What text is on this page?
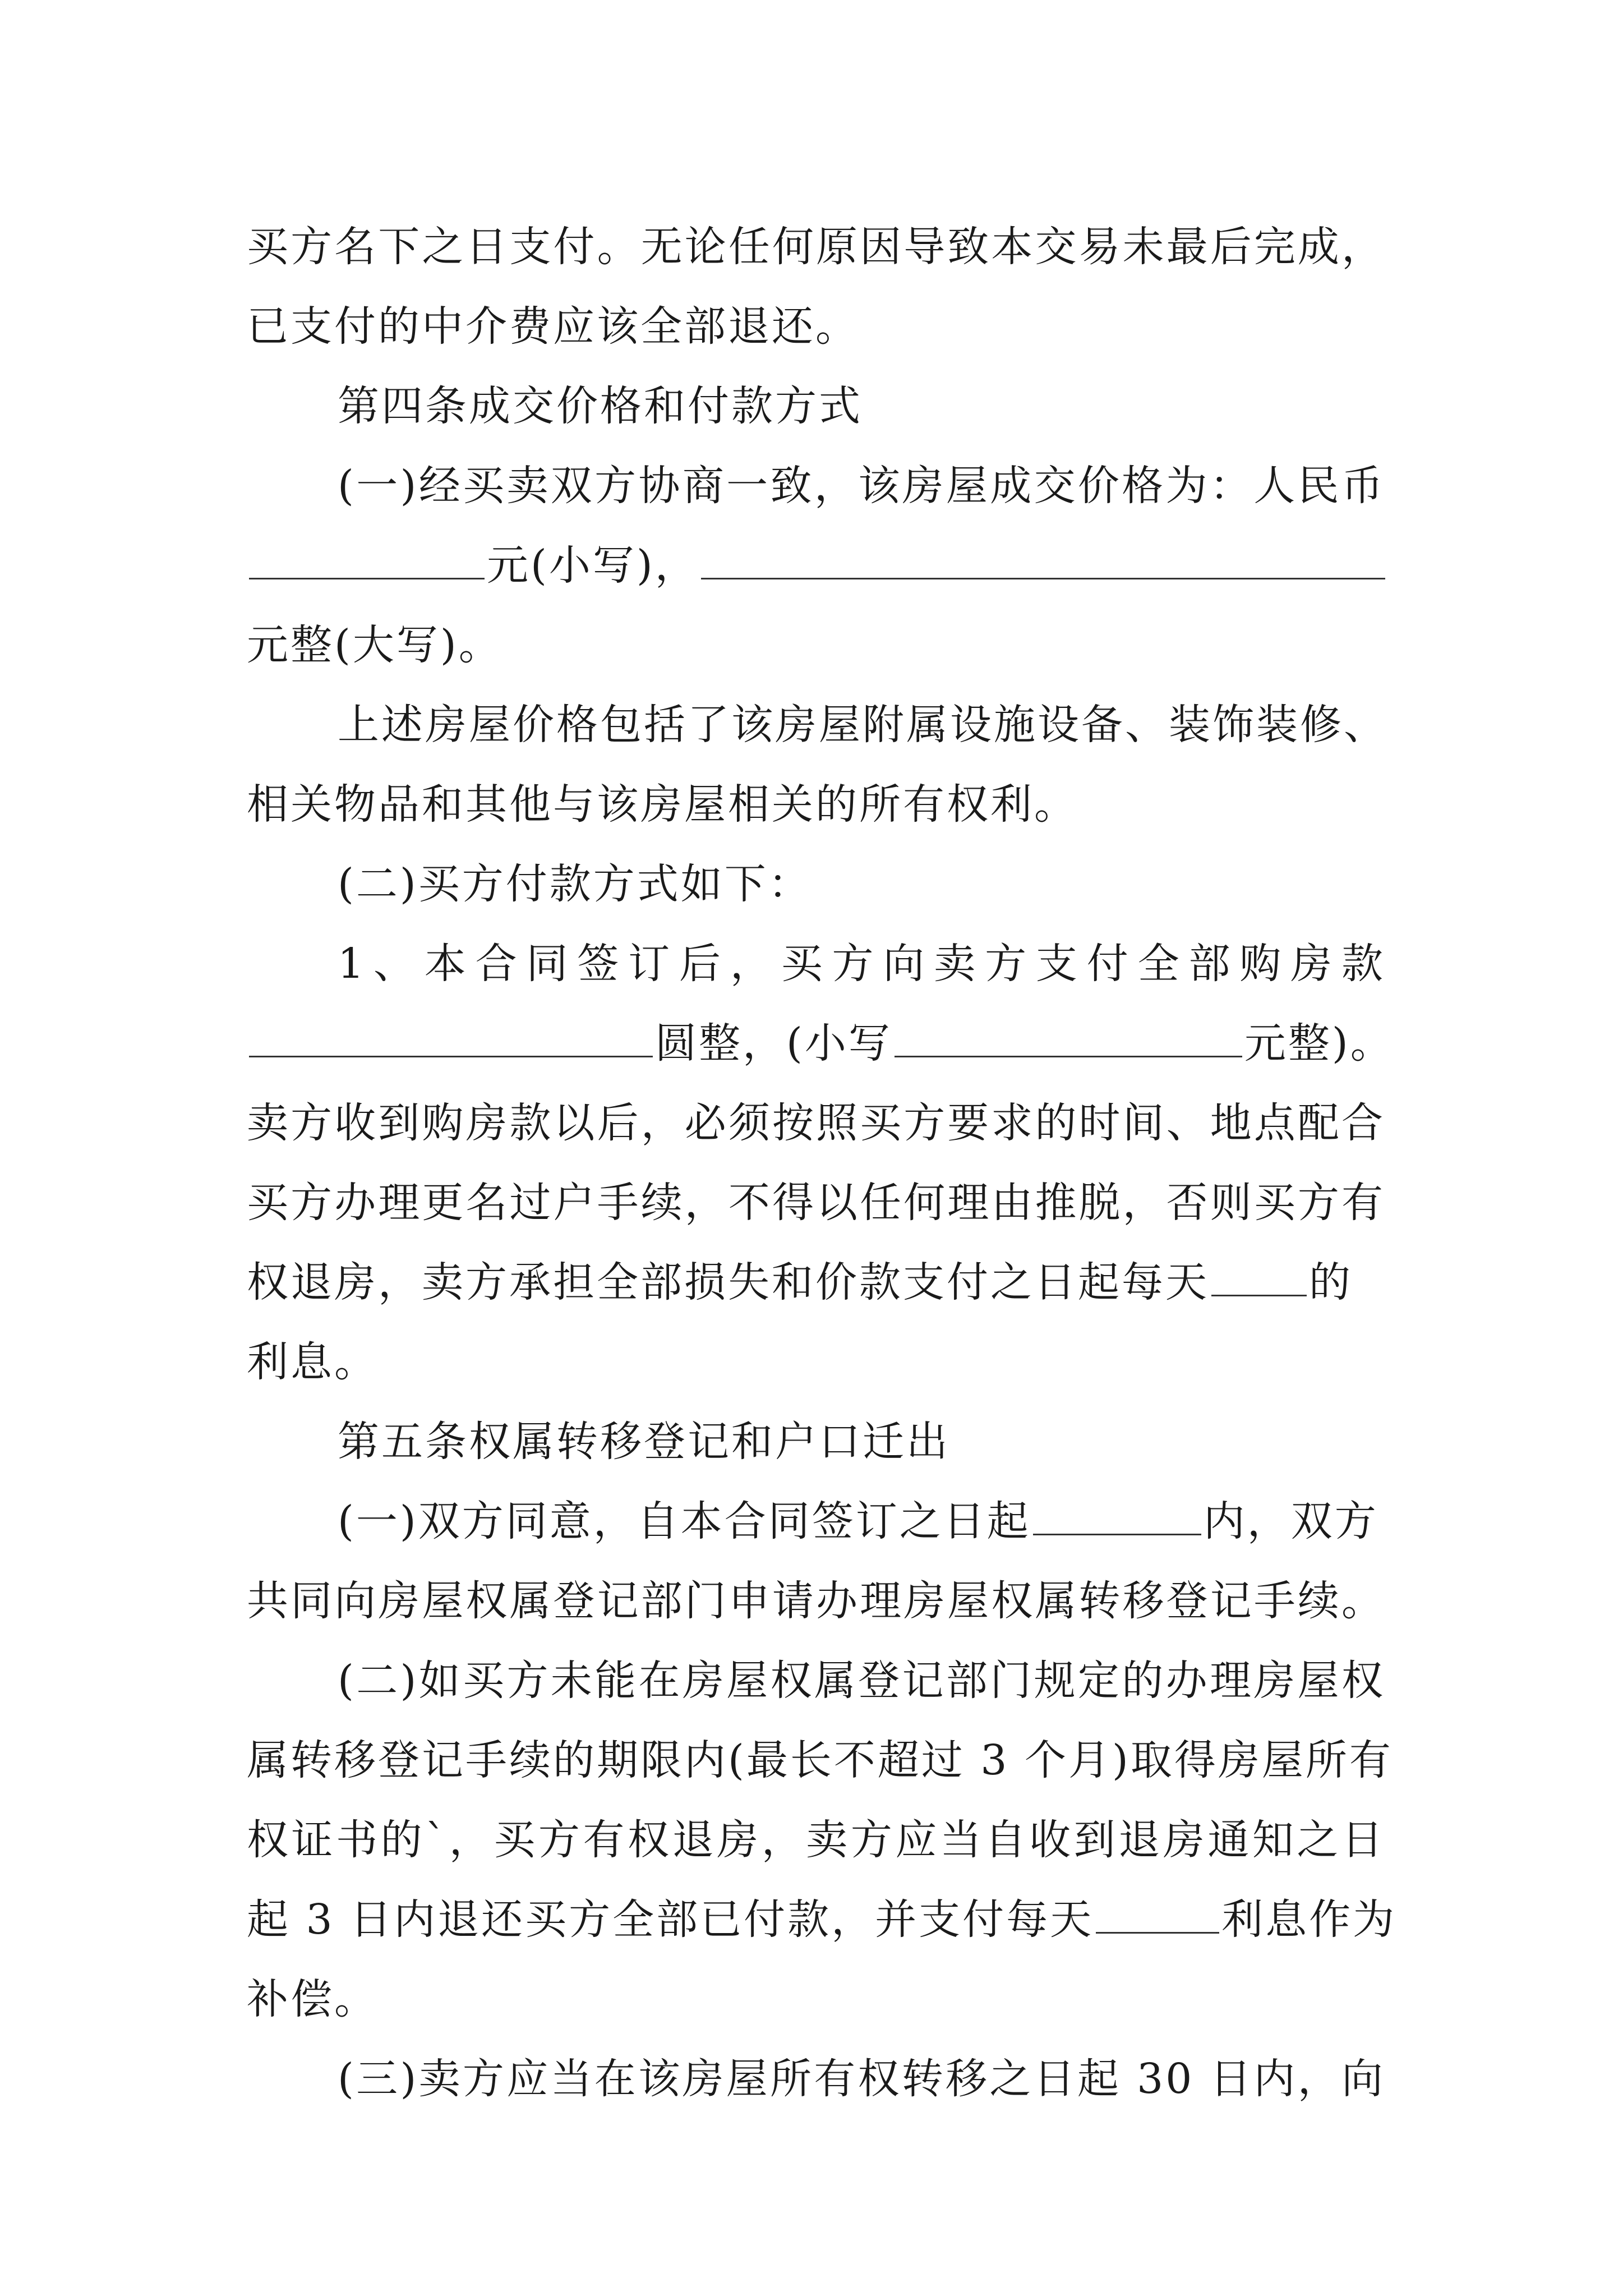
买方名下之日支付。无论任何原因导致本交易未最后完成，
已支付的中介费应该全部退还。
第四条成交价格和付款方式
(一)经买卖双方协商一致，该房屋成交价格为：人民币
元(小写)，
元整(大写)。
上述房屋价格包括了该房屋附属设施设备、装饰装修、
相关物品和其他与该房屋相关的所有权利。
(二)买方付款方式如下：
1、本合同签订后，买方向卖方支付全部购房款
圆整，(小写	元整)。
卖方收到购房款以后，必须按照买方要求的时间、地点配合
买方办理更名过户手续，不得以任何理由推脱，否则买方有
权退房，卖方承担全部损失和价款支付之日起每天 的
利息。
第五条权属转移登记和户口迁出
(一)双方同意，自本合同签订之日起	内，双方
共同向房屋权属登记部门申请办理房屋权属转移登记手续。
(二)如买方未能在房屋权属登记部门规定的办理房屋权
属转移登记手续的期限内(最长不超过 3 个月)取得房屋所有
权证书的`，买方有权退房，卖方应当自收到退房通知之日
起 3 日内退还买方全部已付款，并支付每天	利息作为
补偿。
(三)卖方应当在该房屋所有权转移之日起 30 日内，向
